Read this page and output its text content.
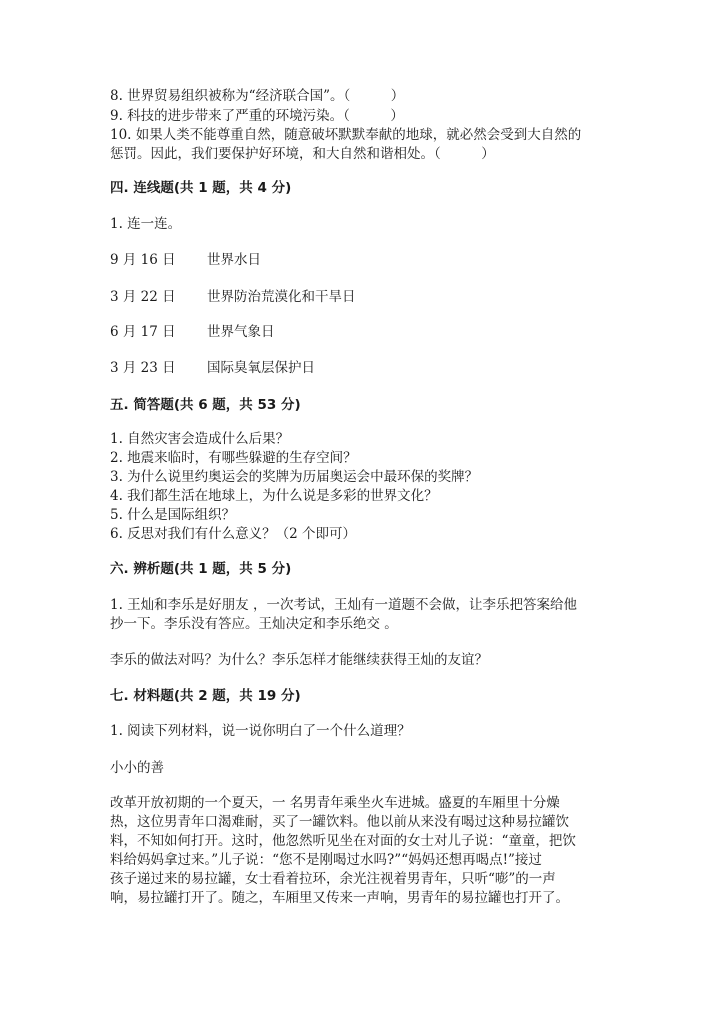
8. 世界贸易组织被称为“经济联合国”。（　　　）
9. 科技的进步带来了严重的环境污染。（　　　）
10. 如果人类不能尊重自然，随意破坏默默奉献的地球，就必然会受到大自然的
惩罚。因此，我们要保护好环境，和大自然和谐相处。（　　　）
四. 连线题(共 1 题，共 4 分)
1. 连一连。
9 月 16 日 世界水日
3 月 22 日 世界防治荒漠化和干旱日
6 月 17 日 世界气象日
3 月 23 日 国际臭氧层保护日
五. 简答题(共 6 题，共 53 分)
1. 自然灾害会造成什么后果？
2. 地震来临时，有哪些躲避的生存空间？
3. 为什么说里约奥运会的奖牌为历届奥运会中最环保的奖牌？
4. 我们都生活在地球上，为什么说是多彩的世界文化？
5. 什么是国际组织？
6. 反思对我们有什么意义？（2 个即可）
六. 辨析题(共 1 题，共 5 分)
1. 王灿和李乐是好朋友 ，一次考试，王灿有一道题不会做，让李乐把答案给他
抄一下。李乐没有答应。王灿决定和李乐绝交 。
李乐的做法对吗？为什么？李乐怎样才能继续获得王灿的友谊？
七. 材料题(共 2 题，共 19 分)
1. 阅读下列材料，说一说你明白了一个什么道理？
小小的善
改革开放初期的一个夏天，一 名男青年乘坐火车进城。盛夏的车厢里十分燥
热，这位男青年口渴难耐，买了一罐饮料。他以前从来没有喝过这种易拉罐饮
料，不知如何打开。这时，他忽然听见坐在对面的女士对儿子说：“童童，把饮
料给妈妈拿过来。”儿子说：“您不是刚喝过水吗?”“妈妈还想再喝点!”接过
孩子递过来的易拉罐，女士看着拉环，余光注视着男青年，只听“嘭”的一声
响，易拉罐打开了。随之，车厢里又传来一声响，男青年的易拉罐也打开了。
